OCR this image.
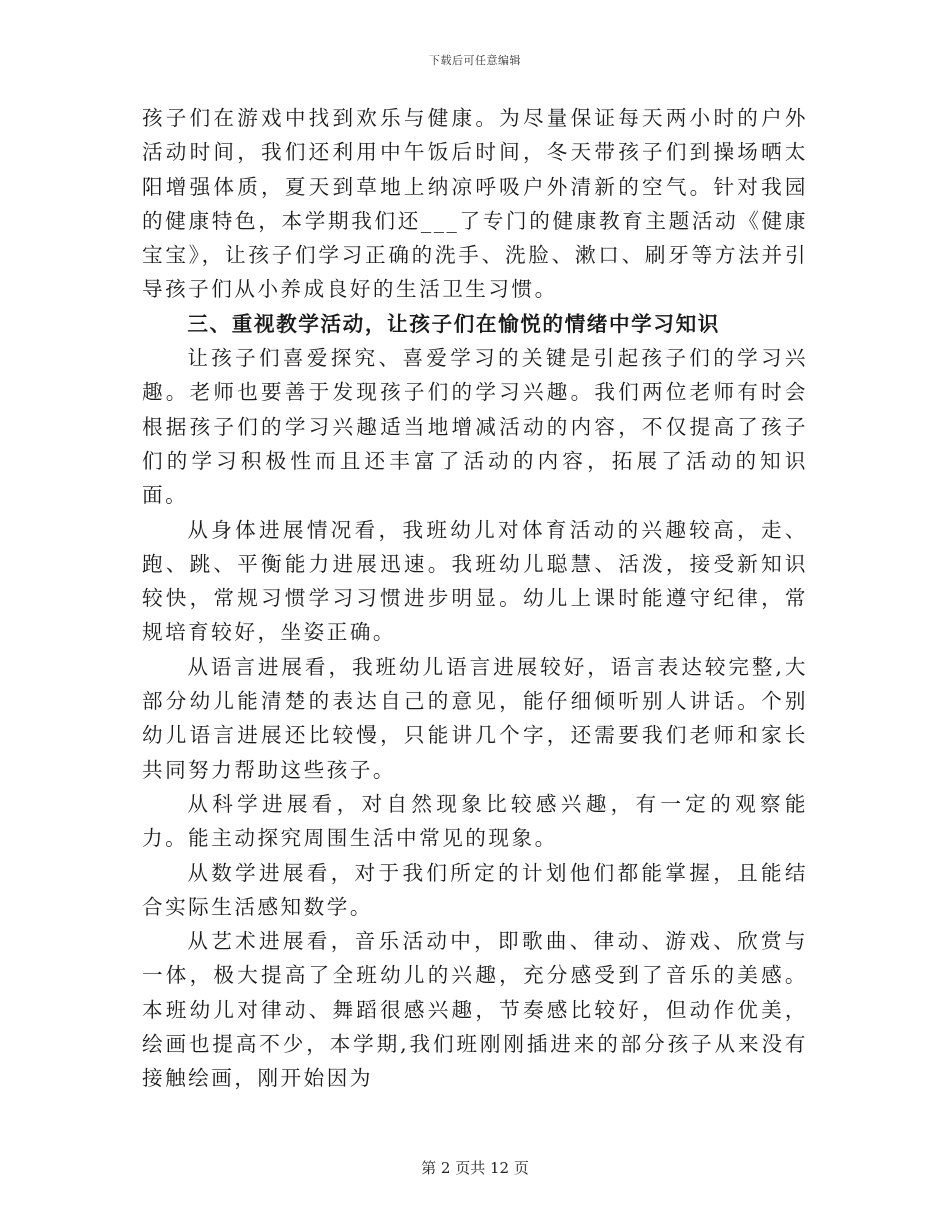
下载后可任意编辑

孩子们在游戏中找到欢乐与健康。为尽量保证每天两小时的户外活动时间，我们还利用中午饭后时间，冬天带孩子们到操场晒太阳增强体质，夏天到草地上纳凉呼吸户外清新的空气。针对我园的健康特色，本学期我们还___了专门的健康教育主题活动《健康宝宝》，让孩子们学习正确的洗手、洗脸、漱口、刷牙等方法并引导孩子们从小养成良好的生活卫生习惯。

三、重视教学活动，让孩子们在愉悦的情绪中学习知识

让孩子们喜爱探究、喜爱学习的关键是引起孩子们的学习兴趣。老师也要善于发现孩子们的学习兴趣。我们两位老师有时会根据孩子们的学习兴趣适当地增减活动的内容，不仅提高了孩子们的学习积极性而且还丰富了活动的内容，拓展了活动的知识面。

从身体进展情况看，我班幼儿对体育活动的兴趣较高，走、跑、跳、平衡能力进展迅速。我班幼儿聪慧、活泼，接受新知识较快，常规习惯学习习惯进步明显。幼儿上课时能遵守纪律，常规培育较好，坐姿正确。

从语言进展看，我班幼儿语言进展较好，语言表达较完整,大部分幼儿能清楚的表达自己的意见，能仔细倾听别人讲话。个别幼儿语言进展还比较慢，只能讲几个字，还需要我们老师和家长共同努力帮助这些孩子。

从科学进展看，对自然现象比较感兴趣，有一定的观察能力。能主动探究周围生活中常见的现象。

从数学进展看，对于我们所定的计划他们都能掌握，且能结合实际生活感知数学。

从艺术进展看，音乐活动中，即歌曲、律动、游戏、欣赏与一体，极大提高了全班幼儿的兴趣，充分感受到了音乐的美感。本班幼儿对律动、舞蹈很感兴趣，节奏感比较好，但动作优美，绘画也提高不少，本学期,我们班刚刚插进来的部分孩子从来没有接触绘画，刚开始因为

第 2 页共 12 页
